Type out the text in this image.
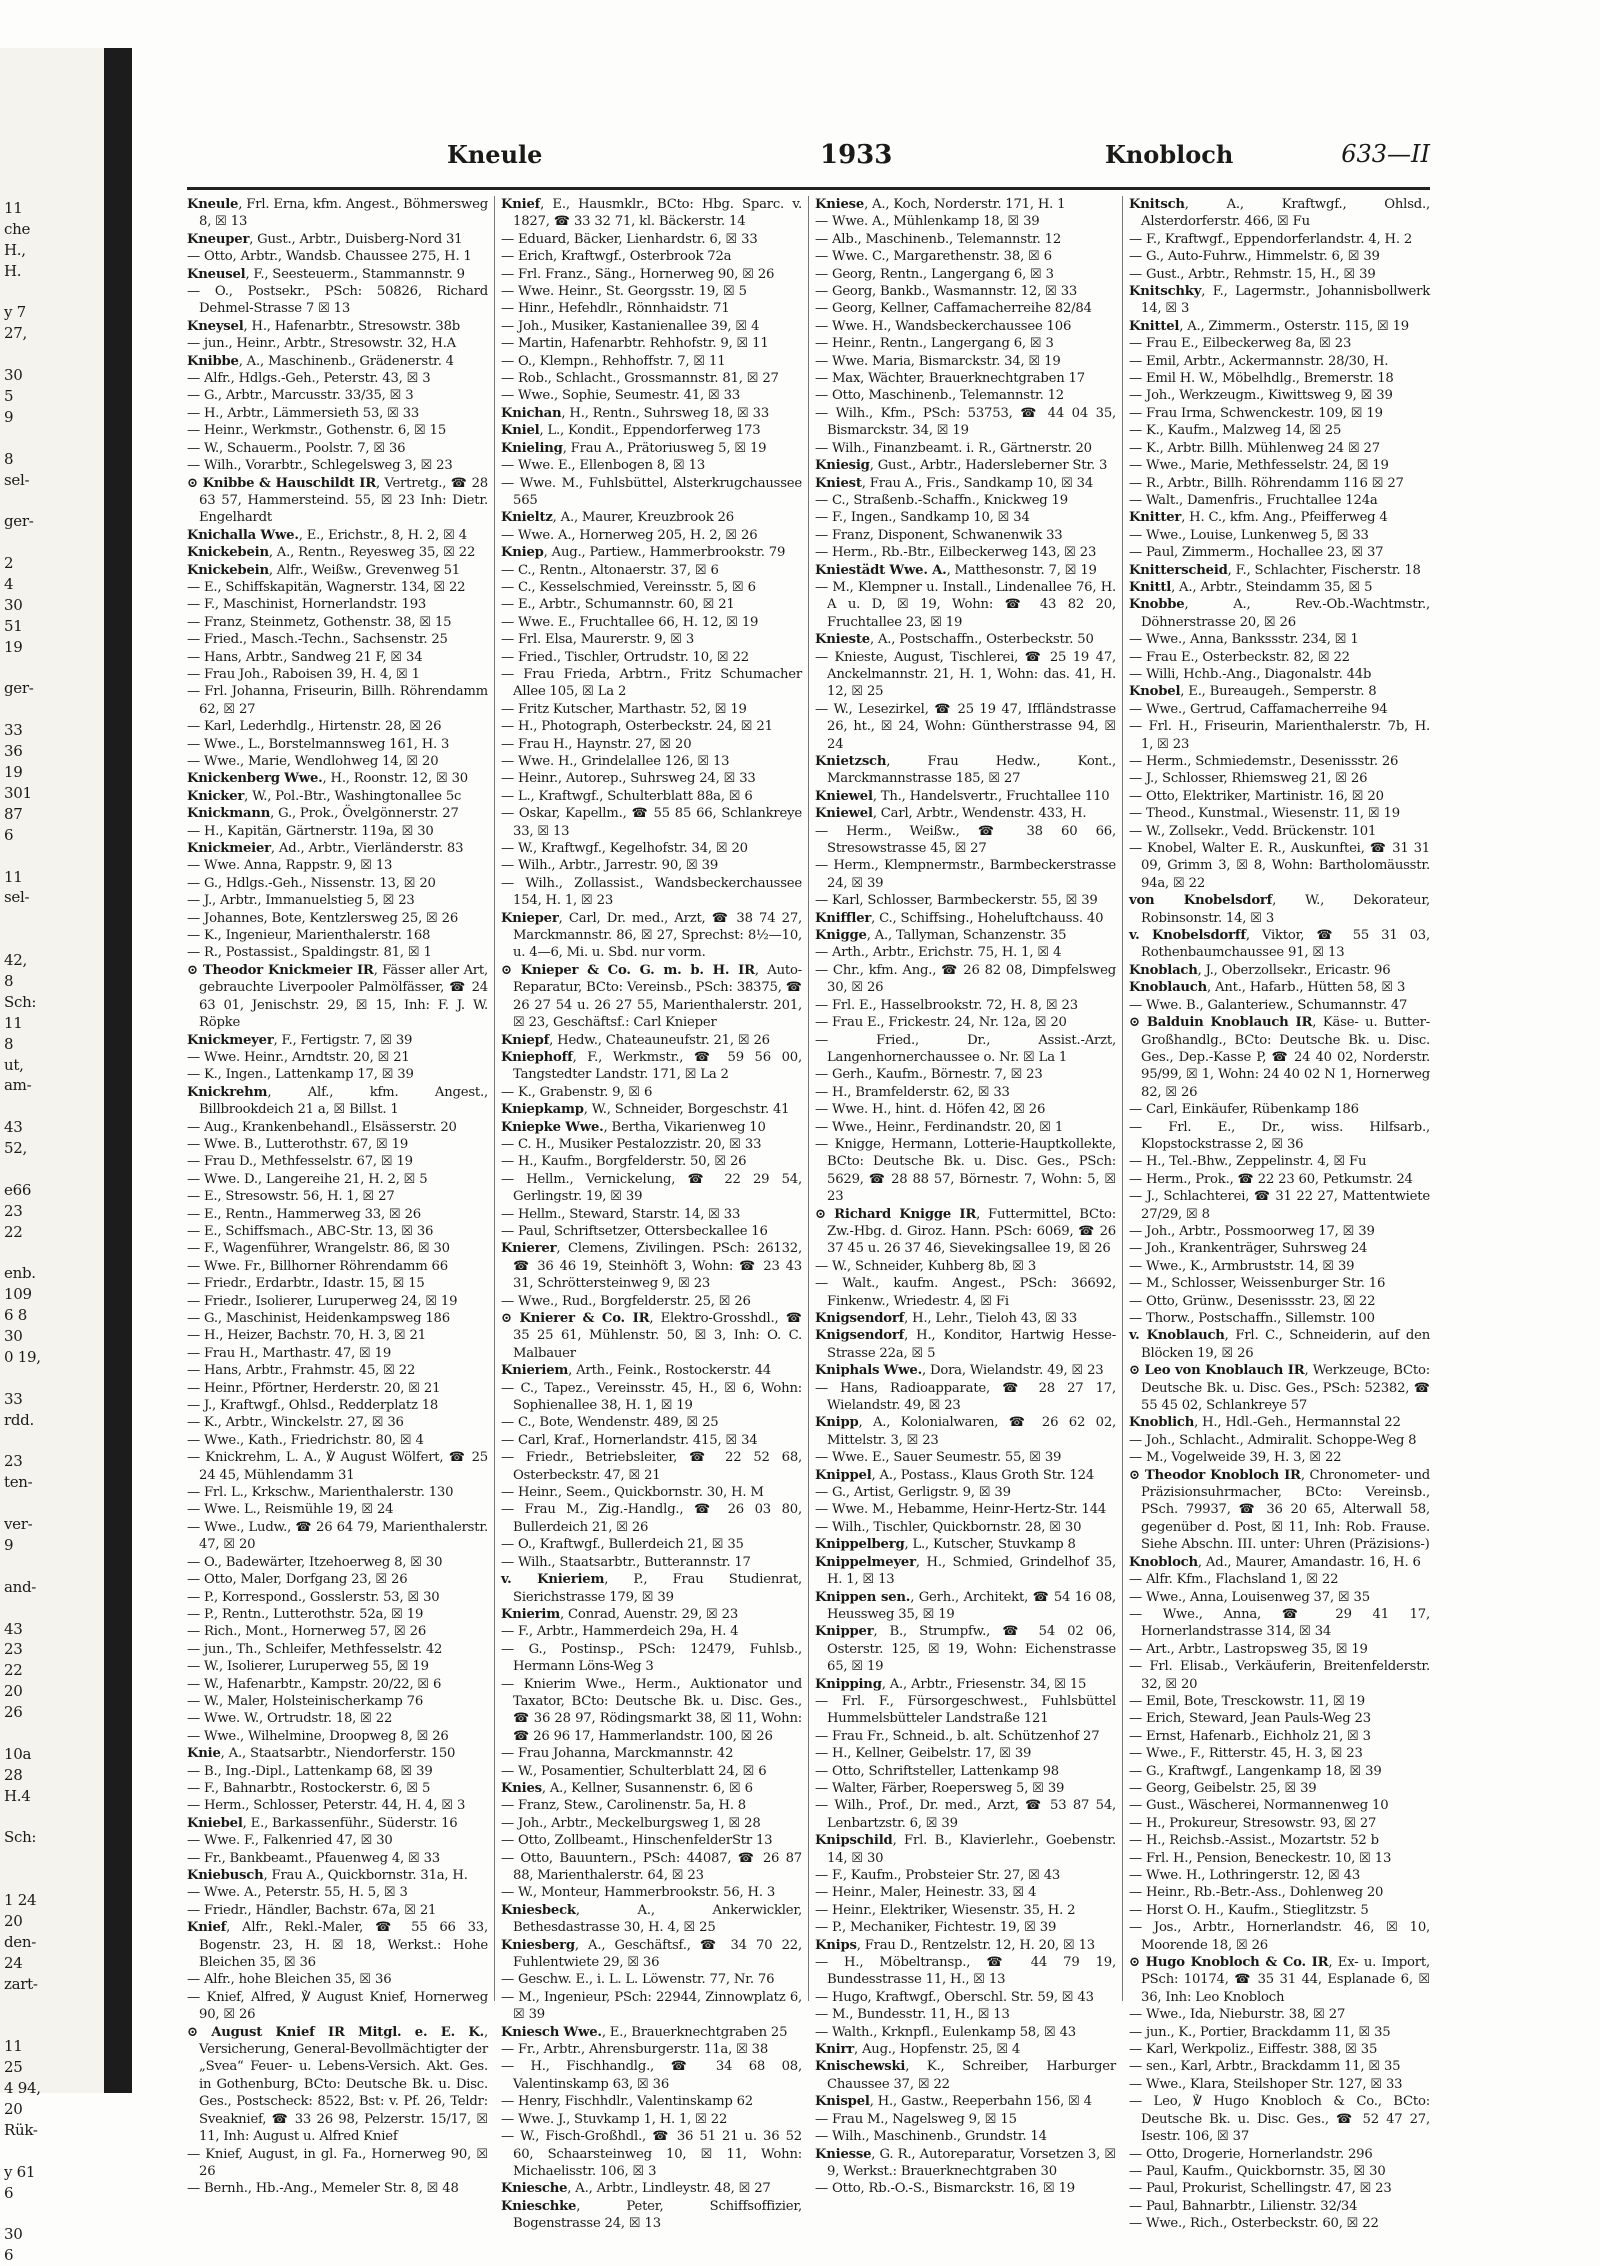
11
che
H.,
H.
y 7
27,
30
5
9
8
sel-
ger-
2
4
30
51
19
ger-
33
36
19
301
87
6
11
sel-
42,
8
Sch:
11
8
ut,
am-
43
52,
e66
23
22
enb.
109
6 8
30
0 19,
33
rdd.
23
ten-
ver-
9
and-
43
23
22
20
26
10a
28
H.4
Sch:
1 24
20
den-
24
zart-
11
25
4 94,
20
Rük-
y 61
6
30
6
Kneule	1933	Knobloch	633—II
Kneule, Frl. Erna, kfm. Angest., Böhmersweg 8, ☒ 13
Kneuper, Gust., Arbtr., Duisberg-Nord 31
— Otto, Arbtr., Wandsb. Chaussee 275, H. 1
Kneusel, F., Seesteuerm., Stammannstr. 9
— O., Postsekr., PSch: 50826, Richard Dehmel-Strasse 7 ☒ 13
Kneysel, H., Hafenarbtr., Stresowstr. 38b
— jun., Heinr., Arbtr., Stresowstr. 32, H.A
Knibbe, A., Maschinenb., Grädenerstr. 4
— Alfr., Hdlgs.-Geh., Peterstr. 43, ☒ 3
— G., Arbtr., Marcusstr. 33/35, ☒ 3
— H., Arbtr., Lämmersieth 53, ☒ 33
— Heinr., Werkmstr., Gothenstr. 6, ☒ 15
— W., Schauerm., Poolstr. 7, ☒ 36
— Wilh., Vorarbtr., Schlegelsweg 3, ☒ 23
⊙ Knibbe & Hauschildt IR, Vertretg., ☎ 28 63 57, Hammersteind. 55, ☒ 23 Inh: Dietr. Engelhardt
Knichalla Wwe., E., Erichstr., 8, H. 2, ☒ 4
Knickebein, A., Rentn., Reyesweg 35, ☒ 22
Knickebein, Alfr., Weißw., Grevenweg 51
— E., Schiffskapitän, Wagnerstr. 134, ☒ 22
— F., Maschinist, Hornerlandstr. 193
— Franz, Steinmetz, Gothenstr. 38, ☒ 15
— Fried., Masch.-Techn., Sachsenstr. 25
— Hans, Arbtr., Sandweg 21 F, ☒ 34
— Frau Joh., Raboisen 39, H. 4, ☒ 1
— Frl. Johanna, Friseurin, Billh. Röhrendamm 62, ☒ 27
— Karl, Lederhdlg., Hirtenstr. 28, ☒ 26
— Wwe., L., Borstelmannsweg 161, H. 3
— Wwe., Marie, Wendlohweg 14, ☒ 20
Knickenberg Wwe., H., Roonstr. 12, ☒ 30
Knicker, W., Pol.-Btr., Washingtonallee 5c
Knickmann, G., Prok., Övelgönnerstr. 27
— H., Kapitän, Gärtnerstr. 119a, ☒ 30
Knickmeier, Ad., Arbtr., Vierländerstr. 83
— Wwe. Anna, Rappstr. 9, ☒ 13
— G., Hdlgs.-Geh., Nissenstr. 13, ☒ 20
— J., Arbtr., Immanuelstieg 5, ☒ 23
— Johannes, Bote, Kentzlersweg 25, ☒ 26
— K., Ingenieur, Marienthalerstr. 168
— R., Postassist., Spaldingstr. 81, ☒ 1
⊙ Theodor Knickmeier IR, Fässer aller Art, gebrauchte Liverpooler Palmölfässer, ☎ 24 63 01, Jenischstr. 29, ☒ 15, Inh: F. J. W. Röpke
Knickmeyer, F., Fertigstr. 7, ☒ 39
— Wwe. Heinr., Arndtstr. 20, ☒ 21
— K., Ingen., Lattenkamp 17, ☒ 39
Knickrehm, Alf., kfm. Angest., Billbrookdeich 21 a, ☒ Billst. 1
— Aug., Krankenbehandl., Elsässerstr. 20
— Wwe. B., Lutterothstr. 67, ☒ 19
— Frau D., Methfesselstr. 67, ☒ 19
— Wwe. D., Langereihe 21, H. 2, ☒ 5
— E., Stresowstr. 56, H. 1, ☒ 27
— E., Rentn., Hammerweg 33, ☒ 26
— E., Schiffsmach., ABC-Str. 13, ☒ 36
— F., Wagenführer, Wrangelstr. 86, ☒ 30
— Wwe. Fr., Billhorner Röhrendamm 66
— Friedr., Erdarbtr., Idastr. 15, ☒ 15
— Friedr., Isolierer, Luruperweg 24, ☒ 19
— G., Maschinist, Heidenkampsweg 186
— H., Heizer, Bachstr. 70, H. 3, ☒ 21
— Frau H., Marthastr. 47, ☒ 19
— Hans, Arbtr., Frahmstr. 45, ☒ 22
— Heinr., Pförtner, Herderstr. 20, ☒ 21
— J., Kraftwgf., Ohlsd., Redderplatz 18
— K., Arbtr., Winckelstr. 27, ☒ 36
— Wwe., Kath., Friedrichstr. 80, ☒ 4
— Knickrehm, L. A., ℣ August Wölfert, ☎ 25 24 45, Mühlendamm 31
— Frl. L., Krkschw., Marienthalerstr. 130
— Wwe. L., Reismühle 19, ☒ 24
— Wwe., Ludw., ☎ 26 64 79, Marienthalerstr. 47, ☒ 20
— O., Badewärter, Itzehoerweg 8, ☒ 30
— Otto, Maler, Dorfgang 23, ☒ 26
— P., Korrespond., Gosslerstr. 53, ☒ 30
— P., Rentn., Lutterothstr. 52a, ☒ 19
— Rich., Mont., Hornerweg 57, ☒ 26
— jun., Th., Schleifer, Methfesselstr. 42
— W., Isolierer, Luruperweg 55, ☒ 19
— W., Hafenarbtr., Kampstr. 20/22, ☒ 6
— W., Maler, Holsteinischerkamp 76
— Wwe. W., Ortrudstr. 18, ☒ 22
— Wwe., Wilhelmine, Droopweg 8, ☒ 26
Knie, A., Staatsarbtr., Niendorferstr. 150
— B., Ing.-Dipl., Lattenkamp 68, ☒ 39
— F., Bahnarbtr., Rostockerstr. 6, ☒ 5
— Herm., Schlosser, Peterstr. 44, H. 4, ☒ 3
Kniebel, E., Barkassenführ., Süderstr. 16
— Wwe. F., Falkenried 47, ☒ 30
— Fr., Bankbeamt., Pfauenweg 4, ☒ 33
Kniebusch, Frau A., Quickbornstr. 31a, H.
— Wwe. A., Peterstr. 55, H. 5, ☒ 3
— Friedr., Händler, Bachstr. 67a, ☒ 21
Knief, Alfr., Rekl.-Maler, ☎ 55 66 33, Bogenstr. 23, H. ☒ 18, Werkst.: Hohe Bleichen 35, ☒ 36
— Alfr., hohe Bleichen 35, ☒ 36
— Knief, Alfred, ℣ August Knief, Hornerweg 90, ☒ 26
⊙ August Knief IR Mitgl. e. E. K., Versicherung, General-Bevollmächtigter der „Svea“ Feuer- u. Lebens-Versich. Akt. Ges. in Gothenburg, BCto: Deutsche Bk. u. Disc. Ges., Postscheck: 8522, Bst: v. Pf. 26, Teldr: Sveaknief, ☎ 33 26 98, Pelzerstr. 15/17, ☒ 11, Inh: August u. Alfred Knief
— Knief, August, in gl. Fa., Hornerweg 90, ☒ 26
— Bernh., Hb.-Ang., Memeler Str. 8, ☒ 48
Knief, E., Hausmklr., BCto: Hbg. Sparc. v. 1827, ☎ 33 32 71, kl. Bäckerstr. 14
— Eduard, Bäcker, Lienhardstr. 6, ☒ 33
— Erich, Kraftwgf., Osterbrook 72a
— Frl. Franz., Säng., Hornerweg 90, ☒ 26
— Wwe. Heinr., St. Georgsstr. 19, ☒ 5
— Hinr., Hefehdlr., Rönnhaidstr. 71
— Joh., Musiker, Kastanienallee 39, ☒ 4
— Martin, Hafenarbtr. Rehhofstr. 9, ☒ 11
— O., Klempn., Rehhoffstr. 7, ☒ 11
— Rob., Schlacht., Grossmannstr. 81, ☒ 27
— Wwe., Sophie, Seumestr. 41, ☒ 33
Knichan, H., Rentn., Suhrsweg 18, ☒ 33
Kniel, L., Kondit., Eppendorferweg 173
Knieling, Frau A., Prätoriusweg 5, ☒ 19
— Wwe. E., Ellenbogen 8, ☒ 13
— Wwe. M., Fuhlsbüttel, Alsterkrugchaussee 565
Knieltz, A., Maurer, Kreuzbrook 26
— Wwe. A., Hornerweg 205, H. 2, ☒ 26
Kniep, Aug., Partiew., Hammerbrookstr. 79
— C., Rentn., Altonaerstr. 37, ☒ 6
— C., Kesselschmied, Vereinsstr. 5, ☒ 6
— E., Arbtr., Schumannstr. 60, ☒ 21
— Wwe. E., Fruchtallee 66, H. 12, ☒ 19
— Frl. Elsa, Maurerstr. 9, ☒ 3
— Fried., Tischler, Ortrudstr. 10, ☒ 22
— Frau Frieda, Arbtrn., Fritz Schumacher Allee 105, ☒ La 2
— Fritz Kutscher, Marthastr. 52, ☒ 19
— H., Photograph, Osterbeckstr. 24, ☒ 21
— Frau H., Haynstr. 27, ☒ 20
— Wwe. H., Grindelallee 126, ☒ 13
— Heinr., Autorep., Suhrsweg 24, ☒ 33
— L., Kraftwgf., Schulterblatt 88a, ☒ 6
— Oskar, Kapellm., ☎ 55 85 66, Schlankreye 33, ☒ 13
— W., Kraftwgf., Kegelhofstr. 34, ☒ 20
— Wilh., Arbtr., Jarrestr. 90, ☒ 39
— Wilh., Zollassist., Wandsbeckerchaussee 154, H. 1, ☒ 23
Knieper, Carl, Dr. med., Arzt, ☎ 38 74 27, Marckmannstr. 86, ☒ 27, Sprechst: 8½—10, u. 4—6, Mi. u. Sbd. nur vorm.
⊙ Knieper & Co. G. m. b. H. IR, Auto-Reparatur, BCto: Vereinsb., PSch: 38375, ☎ 26 27 54 u. 26 27 55, Marienthalerstr. 201, ☒ 23, Geschäftsf.: Carl Knieper
Kniepf, Hedw., Chateauneufstr. 21, ☒ 26
Kniephoff, F., Werkmstr., ☎ 59 56 00, Tangstedter Landstr. 171, ☒ La 2
— K., Grabenstr. 9, ☒ 6
Kniepkamp, W., Schneider, Borgeschstr. 41
Kniepke Wwe., Bertha, Vikarienweg 10
— C. H., Musiker Pestalozzistr. 20, ☒ 33
— H., Kaufm., Borgfelderstr. 50, ☒ 26
— Hellm., Vernickelung, ☎ 22 29 54, Gerlingstr. 19, ☒ 39
— Hellm., Steward, Starstr. 14, ☒ 33
— Paul, Schriftsetzer, Ottersbeckallee 16
Knierer, Clemens, Zivilingen. PSch: 26132, ☎ 36 46 19, Steinhöft 3, Wohn: ☎ 23 43 31, Schröttersteinweg 9, ☒ 23
— Wwe., Rud., Borgfelderstr. 25, ☒ 26
⊙ Knierer & Co. IR, Elektro-Grosshdl., ☎ 35 25 61, Mühlenstr. 50, ☒ 3, Inh: O. C. Malbauer
Knieriem, Arth., Feink., Rostockerstr. 44
— C., Tapez., Vereinsstr. 45, H., ☒ 6, Wohn: Sophienallee 38, H. 1, ☒ 19
— C., Bote, Wendenstr. 489, ☒ 25
— Carl, Kraf., Hornerlandstr. 415, ☒ 34
— Friedr., Betriebsleiter, ☎ 22 52 68, Osterbeckstr. 47, ☒ 21
— Heinr., Seem., Quickbornstr. 30, H. M
— Frau M., Zig.-Handlg., ☎ 26 03 80, Bullerdeich 21, ☒ 26
— O., Kraftwgf., Bullerdeich 21, ☒ 35
— Wilh., Staatsarbtr., Butterannstr. 17
v. Knieriem, P., Frau Studienrat, Sierichstrasse 179, ☒ 39
Knierim, Conrad, Auenstr. 29, ☒ 23
— F., Arbtr., Hammerdeich 29a, H. 4
— G., Postinsp., PSch: 12479, Fuhlsb., Hermann Löns-Weg 3
— Knierim Wwe., Herm., Auktionator und Taxator, BCto: Deutsche Bk. u. Disc. Ges., ☎ 36 28 97, Rödingsmarkt 38, ☒ 11, Wohn: ☎ 26 96 17, Hammerlandstr. 100, ☒ 26
— Frau Johanna, Marckmannstr. 42
— W., Posamentier, Schulterblatt 24, ☒ 6
Knies, A., Kellner, Susannenstr. 6, ☒ 6
— Franz, Stew., Carolinenstr. 5a, H. 8
— Joh., Arbtr., Meckelburgsweg 1, ☒ 28
— Otto, Zollbeamt., HinschenfelderStr 13
— Otto, Bauuntern., PSch: 44087, ☎ 26 87 88, Marienthalerstr. 64, ☒ 23
— W., Monteur, Hammerbrookstr. 56, H. 3
Kniesbeck, A., Ankerwickler, Bethesdastrasse 30, H. 4, ☒ 25
Kniesberg, A., Geschäftsf., ☎ 34 70 22, Fuhlentwiete 29, ☒ 36
— Geschw. E., i. L. L. Löwenstr. 77, Nr. 76
— M., Ingenieur, PSch: 22944, Zinnowplatz 6, ☒ 39
Kniesch Wwe., E., Brauerknechtgraben 25
— Fr., Arbtr., Ahrensburgerstr. 11a, ☒ 38
— H., Fischhandlg., ☎ 34 68 08, Valentinskamp 63, ☒ 36
— Henry, Fischhdlr., Valentinskamp 62
— Wwe. J., Stuvkamp 1, H. 1, ☒ 22
— W., Fisch-Großhdl., ☎ 36 51 21 u. 36 52 60, Schaarsteinweg 10, ☒ 11, Wohn: Michaelisstr. 106, ☒ 3
Kniesche, A., Arbtr., Lindleystr. 48, ☒ 27
Knieschke, Peter, Schiffsoffizier, Bogenstrasse 24, ☒ 13
Kniese, A., Koch, Norderstr. 171, H. 1
— Wwe. A., Mühlenkamp 18, ☒ 39
— Alb., Maschinenb., Telemannstr. 12
— Wwe. C., Margarethenstr. 38, ☒ 6
— Georg, Rentn., Langergang 6, ☒ 3
— Georg, Bankb., Wasmannstr. 12, ☒ 33
— Georg, Kellner, Caffamacherreihe 82/84
— Wwe. H., Wandsbeckerchaussee 106
— Heinr., Rentn., Langergang 6, ☒ 3
— Wwe. Maria, Bismarckstr. 34, ☒ 19
— Max, Wächter, Brauerknechtgraben 17
— Otto, Maschinenb., Telemannstr. 12
— Wilh., Kfm., PSch: 53753, ☎ 44 04 35, Bismarckstr. 34, ☒ 19
— Wilh., Finanzbeamt. i. R., Gärtnerstr. 20
Kniesig, Gust., Arbtr., Hadersleberner Str. 3
Kniest, Frau A., Fris., Sandkamp 10, ☒ 34
— C., Straßenb.-Schaffn., Knickweg 19
— F., Ingen., Sandkamp 10, ☒ 34
— Franz, Disponent, Schwanenwik 33
— Herm., Rb.-Btr., Eilbeckerweg 143, ☒ 23
Kniestädt Wwe. A., Matthesonstr. 7, ☒ 19
— M., Klempner u. Install., Lindenallee 76, H. A u. D, ☒ 19, Wohn: ☎ 43 82 20, Fruchtallee 23, ☒ 19
Knieste, A., Postschaffn., Osterbeckstr. 50
— Knieste, August, Tischlerei, ☎ 25 19 47, Anckelmannstr. 21, H. 1, Wohn: das. 41, H. 12, ☒ 25
— W., Lesezirkel, ☎ 25 19 47, Iffländstrasse 26, ht., ☒ 24, Wohn: Güntherstrasse 94, ☒ 24
Knietzsch, Frau Hedw., Kont., Marckmannstrasse 185, ☒ 27
Kniewel, Th., Handelsvertr., Fruchtallee 110
Kniewel, Carl, Arbtr., Wendenstr. 433, H.
— Herm., Weißw., ☎ 38 60 66, Stresowstrasse 45, ☒ 27
— Herm., Klempnermstr., Barmbeckerstrasse 24, ☒ 39
— Karl, Schlosser, Barmbeckerstr. 55, ☒ 39
Kniffler, C., Schiffsing., Hoheluftchauss. 40
Knigge, A., Tallyman, Schanzenstr. 35
— Arth., Arbtr., Erichstr. 75, H. 1, ☒ 4
— Chr., kfm. Ang., ☎ 26 82 08, Dimpfelsweg 30, ☒ 26
— Frl. E., Hasselbrookstr. 72, H. 8, ☒ 23
— Frau E., Frickestr. 24, Nr. 12a, ☒ 20
— Fried., Dr., Assist.-Arzt, Langenhornerchaussee o. Nr. ☒ La 1
— Gerh., Kaufm., Börnestr. 7, ☒ 23
— H., Bramfelderstr. 62, ☒ 33
— Wwe. H., hint. d. Höfen 42, ☒ 26
— Wwe., Heinr., Ferdinandstr. 20, ☒ 1
— Knigge, Hermann, Lotterie-Hauptkollekte, BCto: Deutsche Bk. u. Disc. Ges., PSch: 5629, ☎ 28 88 57, Börnestr. 7, Wohn: 5, ☒ 23
⊙ Richard Knigge IR, Futtermittel, BCto: Zw.-Hbg. d. Giroz. Hann. PSch: 6069, ☎ 26 37 45 u. 26 37 46, Sievekingsallee 19, ☒ 26
— W., Schneider, Kuhberg 8b, ☒ 3
— Walt., kaufm. Angest., PSch: 36692, Finkenw., Wriedestr. 4, ☒ Fi
Knigsendorf, H., Lehr., Tieloh 43, ☒ 33
Knigsendorf, H., Konditor, Hartwig Hesse-Strasse 22a, ☒ 5
Kniphals Wwe., Dora, Wielandstr. 49, ☒ 23
— Hans, Radioapparate, ☎ 28 27 17, Wielandstr. 49, ☒ 23
Knipp, A., Kolonialwaren, ☎ 26 62 02, Mittelstr. 3, ☒ 23
— Wwe. E., Sauer Seumestr. 55, ☒ 39
Knippel, A., Postass., Klaus Groth Str. 124
— G., Artist, Gerligstr. 9, ☒ 39
— Wwe. M., Hebamme, Heinr-Hertz-Str. 144
— Wilh., Tischler, Quickbornstr. 28, ☒ 30
Knippelberg, L., Kutscher, Stuvkamp 8
Knippelmeyer, H., Schmied, Grindelhof 35, H. 1, ☒ 13
Knippen sen., Gerh., Architekt, ☎ 54 16 08, Heussweg 35, ☒ 19
Knipper, B., Strumpfw., ☎ 54 02 06, Osterstr. 125, ☒ 19, Wohn: Eichenstrasse 65, ☒ 19
Knipping, A., Arbtr., Friesenstr. 34, ☒ 15
— Frl. F., Fürsorgeschwest., Fuhlsbüttel Hummelsbütteler Landstraße 121
— Frau Fr., Schneid., b. alt. Schützenhof 27
— H., Kellner, Geibelstr. 17, ☒ 39
— Otto, Schriftsteller, Lattenkamp 98
— Walter, Färber, Roepersweg 5, ☒ 39
— Wilh., Prof., Dr. med., Arzt, ☎ 53 87 54, Lenbartzstr. 6, ☒ 39
Knipschild, Frl. B., Klavierlehr., Goebenstr. 14, ☒ 30
— F., Kaufm., Probsteier Str. 27, ☒ 43
— Heinr., Maler, Heinestr. 33, ☒ 4
— Heinr., Elektriker, Wiesenstr. 35, H. 2
— P., Mechaniker, Fichtestr. 19, ☒ 39
Knips, Frau D., Rentzelstr. 12, H. 20, ☒ 13
— H., Möbeltransp., ☎ 44 79 19, Bundesstrasse 11, H., ☒ 13
— Hugo, Kraftwgf., Oberschl. Str. 59, ☒ 43
— M., Bundesstr. 11, H., ☒ 13
— Walth., Krknpfl., Eulenkamp 58, ☒ 43
Knirr, Aug., Hopfenstr. 25, ☒ 4
Knischewski, K., Schreiber, Harburger Chaussee 37, ☒ 22
Knispel, H., Gastw., Reeperbahn 156, ☒ 4
— Frau M., Nagelsweg 9, ☒ 15
— Wilh., Maschinenb., Grundstr. 14
Kniesse, G. R., Autoreparatur, Vorsetzen 3, ☒ 9, Werkst.: Brauerknechtgraben 30
— Otto, Rb.-O.-S., Bismarckstr. 16, ☒ 19
Knitsch, A., Kraftwgf., Ohlsd., Alsterdorferstr. 466, ☒ Fu
— F., Kraftwgf., Eppendorferlandstr. 4, H. 2
— G., Auto-Fuhrw., Himmelstr. 6, ☒ 39
— Gust., Arbtr., Rehmstr. 15, H., ☒ 39
Knitschky, F., Lagermstr., Johannisbollwerk 14, ☒ 3
Knittel, A., Zimmerm., Osterstr. 115, ☒ 19
— Frau E., Eilbeckerweg 8a, ☒ 23
— Emil, Arbtr., Ackermannstr. 28/30, H.
— Emil H. W., Möbelhdlg., Bremerstr. 18
— Joh., Werkzeugm., Kiwittsweg 9, ☒ 39
— Frau Irma, Schwenckestr. 109, ☒ 19
— K., Kaufm., Malzweg 14, ☒ 25
— K., Arbtr. Billh. Mühlenweg 24 ☒ 27
— Wwe., Marie, Methfesselstr. 24, ☒ 19
— R., Arbtr., Billh. Röhrendamm 116 ☒ 27
— Walt., Damenfris., Fruchtallee 124a
Knitter, H. C., kfm. Ang., Pfeifferweg 4
— Wwe., Louise, Lunkenweg 5, ☒ 33
— Paul, Zimmerm., Hochallee 23, ☒ 37
Knitterscheid, F., Schlachter, Fischerstr. 18
Knittl, A., Arbtr., Steindamm 35, ☒ 5
Knobbe, A., Rev.-Ob.-Wachtmstr., Döhnerstrasse 20, ☒ 26
— Wwe., Anna, Bankssstr. 234, ☒ 1
— Frau E., Osterbeckstr. 82, ☒ 22
— Willi, Hchb.-Ang., Diagonalstr. 44b
Knobel, E., Bureaugeh., Semperstr. 8
— Wwe., Gertrud, Caffamacherreihe 94
— Frl. H., Friseurin, Marienthalerstr. 7b, H. 1, ☒ 23
— Herm., Schmiedemstr., Desenissstr. 26
— J., Schlosser, Rhiemsweg 21, ☒ 26
— Otto, Elektriker, Martinistr. 16, ☒ 20
— Theod., Kunstmal., Wiesenstr. 11, ☒ 19
— W., Zollsekr., Vedd. Brückenstr. 101
— Knobel, Walter E. R., Auskunftei, ☎ 31 31 09, Grimm 3, ☒ 8, Wohn: Bartholomäusstr. 94a, ☒ 22
von Knobelsdorf, W., Dekorateur, Robinsonstr. 14, ☒ 3
v. Knobelsdorff, Viktor, ☎ 55 31 03, Rothenbaumchaussee 91, ☒ 13
Knoblach, J., Oberzollsekr., Ericastr. 96
Knoblauch, Ant., Hafarb., Hütten 58, ☒ 3
— Wwe. B., Galanteriew., Schumannstr. 47
⊙ Balduin Knoblauch IR, Käse- u. Butter-Großhandlg., BCto: Deutsche Bk. u. Disc. Ges., Dep.-Kasse P, ☎ 24 40 02, Norderstr. 95/99, ☒ 1, Wohn: 24 40 02 N 1, Hornerweg 82, ☒ 26
— Carl, Einkäufer, Rübenkamp 186
— Frl. E., Dr., wiss. Hilfsarb., Klopstockstrasse 2, ☒ 36
— H., Tel.-Bhw., Zeppelinstr. 4, ☒ Fu
— Herm., Prok., ☎ 22 23 60, Petkumstr. 24
— J., Schlachterei, ☎ 31 22 27, Mattentwiete 27/29, ☒ 8
— Joh., Arbtr., Possmoorweg 17, ☒ 39
— Joh., Krankenträger, Suhrsweg 24
— Wwe., K., Armbruststr. 14, ☒ 39
— M., Schlosser, Weissenburger Str. 16
— Otto, Grünw., Desenissstr. 23, ☒ 22
— Thorw., Postschaffn., Sillemstr. 100
v. Knoblauch, Frl. C., Schneiderin, auf den Blöcken 19, ☒ 26
⊙ Leo von Knoblauch IR, Werkzeuge, BCto: Deutsche Bk. u. Disc. Ges., PSch: 52382, ☎ 55 45 02, Schlankreye 57
Knoblich, H., Hdl.-Geh., Hermannstal 22
— Joh., Schlacht., Admiralit. Schoppe-Weg 8
— M., Vogelweide 39, H. 3, ☒ 22
⊙ Theodor Knobloch IR, Chronometer- und Präzisionsuhrmacher, BCto: Vereinsb., PSch. 79937, ☎ 36 20 65, Alterwall 58, gegenüber d. Post, ☒ 11, Inh: Rob. Frause. Siehe Abschn. III. unter: Uhren (Präzisions-)
Knobloch, Ad., Maurer, Amandastr. 16, H. 6
— Alfr. Kfm., Flachsland 1, ☒ 22
— Wwe., Anna, Louisenweg 37, ☒ 35
— Wwe., Anna, ☎ 29 41 17, Hornerlandstrasse 314, ☒ 34
— Art., Arbtr., Lastropsweg 35, ☒ 19
— Frl. Elisab., Verkäuferin, Breitenfelderstr. 32, ☒ 20
— Emil, Bote, Tresckowstr. 11, ☒ 19
— Erich, Steward, Jean Pauls-Weg 23
— Ernst, Hafenarb., Eichholz 21, ☒ 3
— Wwe., F., Ritterstr. 45, H. 3, ☒ 23
— G., Kraftwgf., Langenkamp 18, ☒ 39
— Georg, Geibelstr. 25, ☒ 39
— Gust., Wäscherei, Normannenweg 10
— H., Prokureur, Stresowstr. 93, ☒ 27
— H., Reichsb.-Assist., Mozartstr. 52 b
— Frl. H., Pension, Beneckestr. 10, ☒ 13
— Wwe. H., Lothringerstr. 12, ☒ 43
— Heinr., Rb.-Betr.-Ass., Dohlenweg 20
— Horst O. H., Kaufm., Stieglitzstr. 5
— Jos., Arbtr., Hornerlandstr. 46, ☒ 10, Moorende 18, ☒ 26
⊙ Hugo Knobloch & Co. IR, Ex- u. Import, PSch: 10174, ☎ 35 31 44, Esplanade 6, ☒ 36, Inh: Leo Knobloch
— Wwe., Ida, Nieburstr. 38, ☒ 27
— jun., K., Portier, Brackdamm 11, ☒ 35
— Karl, Werkpoliz., Eiffestr. 388, ☒ 35
— sen., Karl, Arbtr., Brackdamm 11, ☒ 35
— Wwe., Klara, Steilshoper Str. 127, ☒ 33
— Leo, ℣ Hugo Knobloch & Co., BCto: Deutsche Bk. u. Disc. Ges., ☎ 52 47 27, Isestr. 106, ☒ 37
— Otto, Drogerie, Hornerlandstr. 296
— Paul, Kaufm., Quickbornstr. 35, ☒ 30
— Paul, Prokurist, Schellingstr. 47, ☒ 23
— Paul, Bahnarbtr., Lilienstr. 32/34
— Wwe., Rich., Osterbeckstr. 60, ☒ 22
